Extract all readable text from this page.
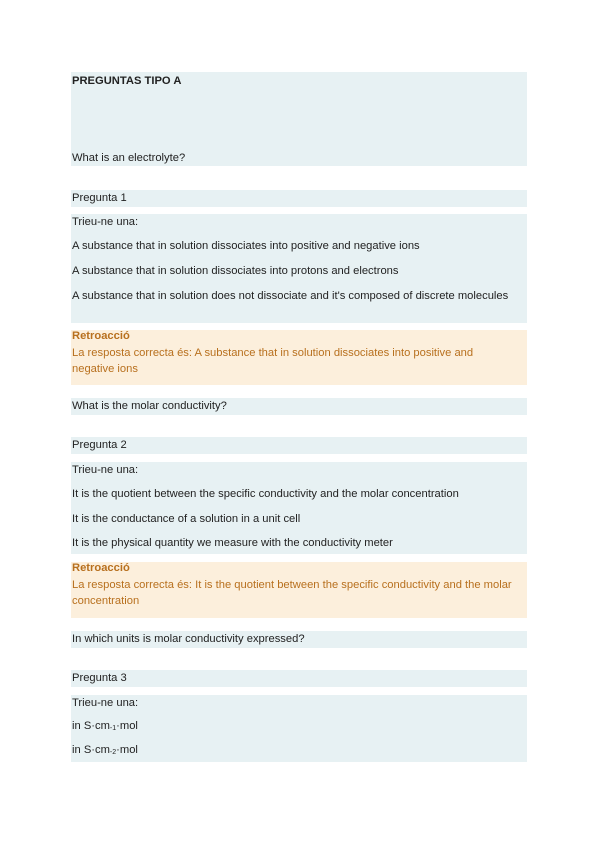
PREGUNTAS TIPO A
What is an electrolyte?
Pregunta 1
Trieu-ne una:
A substance that in solution dissociates into positive and negative ions
A substance that in solution dissociates into protons and electrons
A substance that in solution does not dissociate and it's composed of discrete molecules
Retroacció
La resposta correcta és: A substance that in solution dissociates into positive and negative ions
What is the molar conductivity?
Pregunta 2
Trieu-ne una:
It is the quotient between the specific conductivity and the molar concentration
It is the conductance of a solution in a unit cell
It is the physical quantity we measure with the conductivity meter
Retroacció
La resposta correcta és: It is the quotient between the specific conductivity and the molar concentration
In which units is molar conductivity expressed?
Pregunta 3
Trieu-ne una:
in $S\cdot cm_{-1}\cdot mol$
in $S\cdot cm_{-2}\cdot mol$
